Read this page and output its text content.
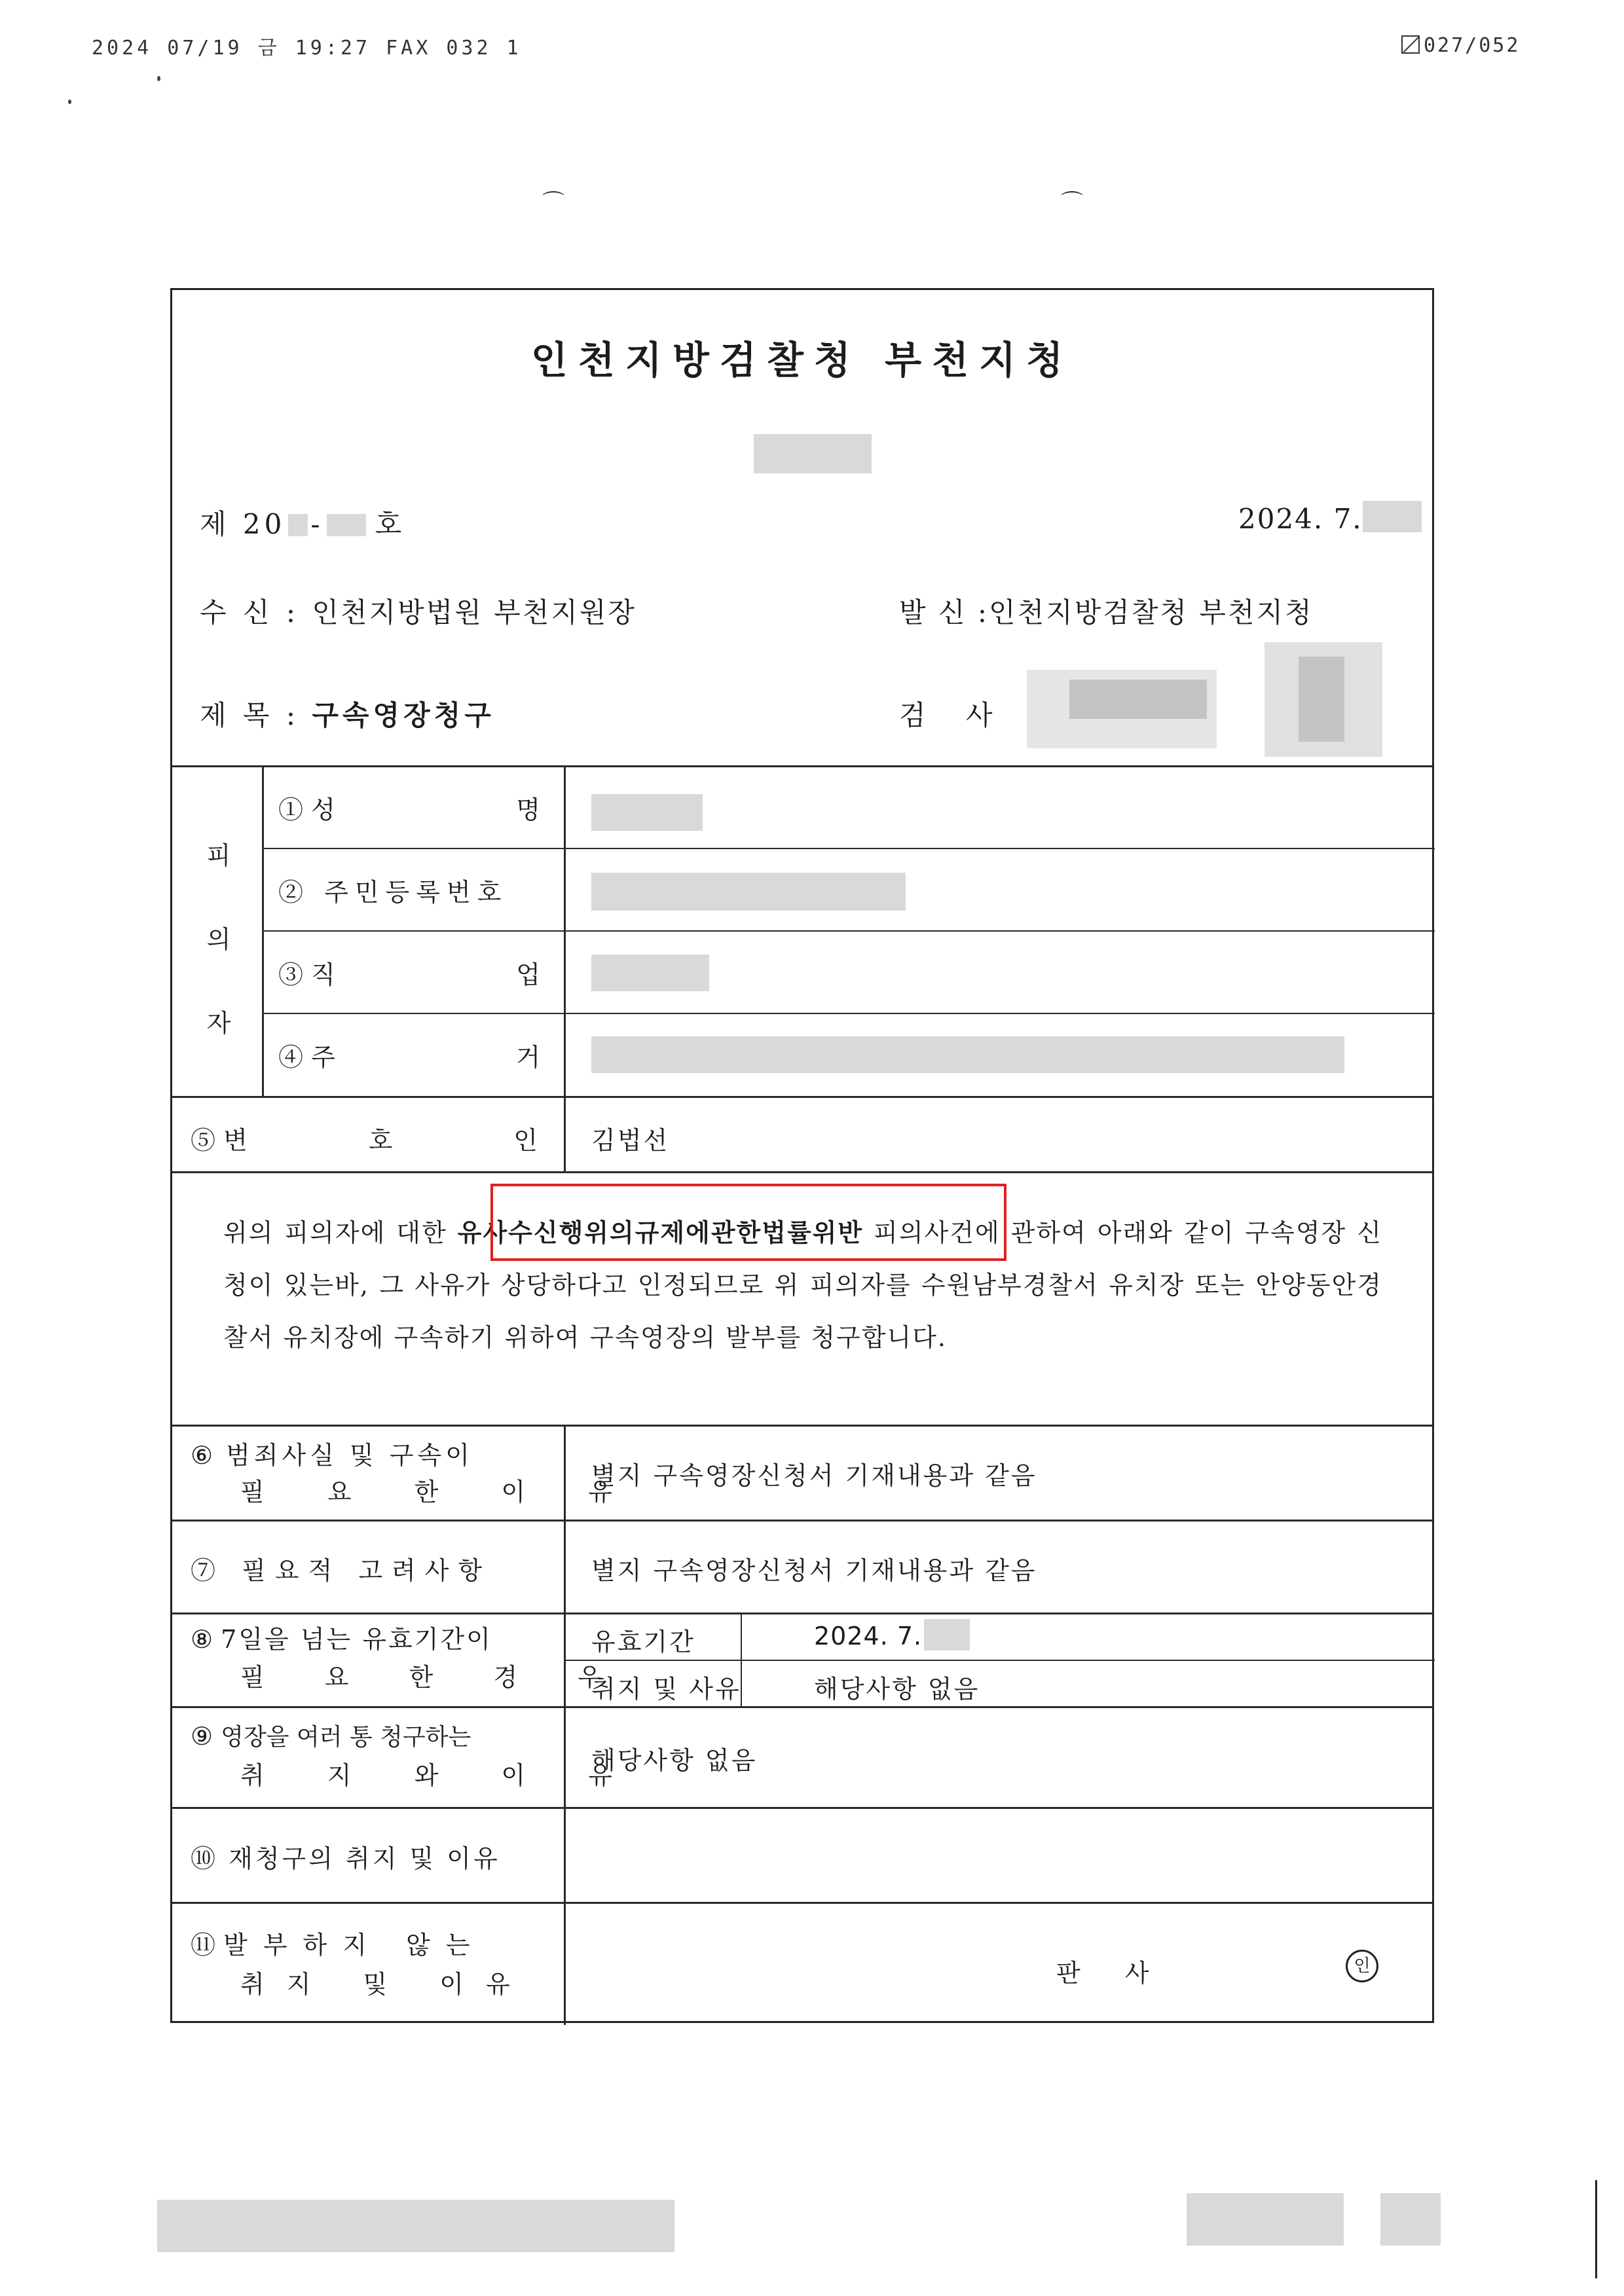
2024 07/19 금 19:27 FAX 032 1	027/052
⌒	⌒
인천지방검찰청 부천지청
제 20 - 호	2024. 7.
수 신 : 인천지방법원 부천지원장	발 신 :인천지방검찰청 부천지청
제 목 : 구속영장청구	검 사
피
의
자
① 성	명
② 주민등록번호
③ 직	업
④ 주	거
⑤ 변	호	인 김법선
위의 피의자에 대한 유사수신행위의규제에관한법률위반 피의사건에 관하여 아래와 같이 구속영장 신청이 있는바, 그 사유가 상당하다고 인정되므로 위 피의자를 수원남부경찰서 유치장 또는 안양동안경찰서 유치장에 구속하기 위하여 구속영장의 발부를 청구합니다.
⑥ 범죄사실 및 구속이
필 요 한 이 유
별지 구속영장신청서 기재내용과 같음
⑦ 필요적 고려사항	별지 구속영장신청서 기재내용과 같음
⑧ 7일을 넘는 유효기간이
필 요 한 경 우
유효기간	2024. 7.
취지 및 사유	해당사항 없음
⑨ 영장을 여러 통 청구하는
취 지 와 이 유
해당사항 없음
⑩ 재청구의 취지 및 이유
⑪ 발부하지 않는
취지 및 이유	판 사	인
